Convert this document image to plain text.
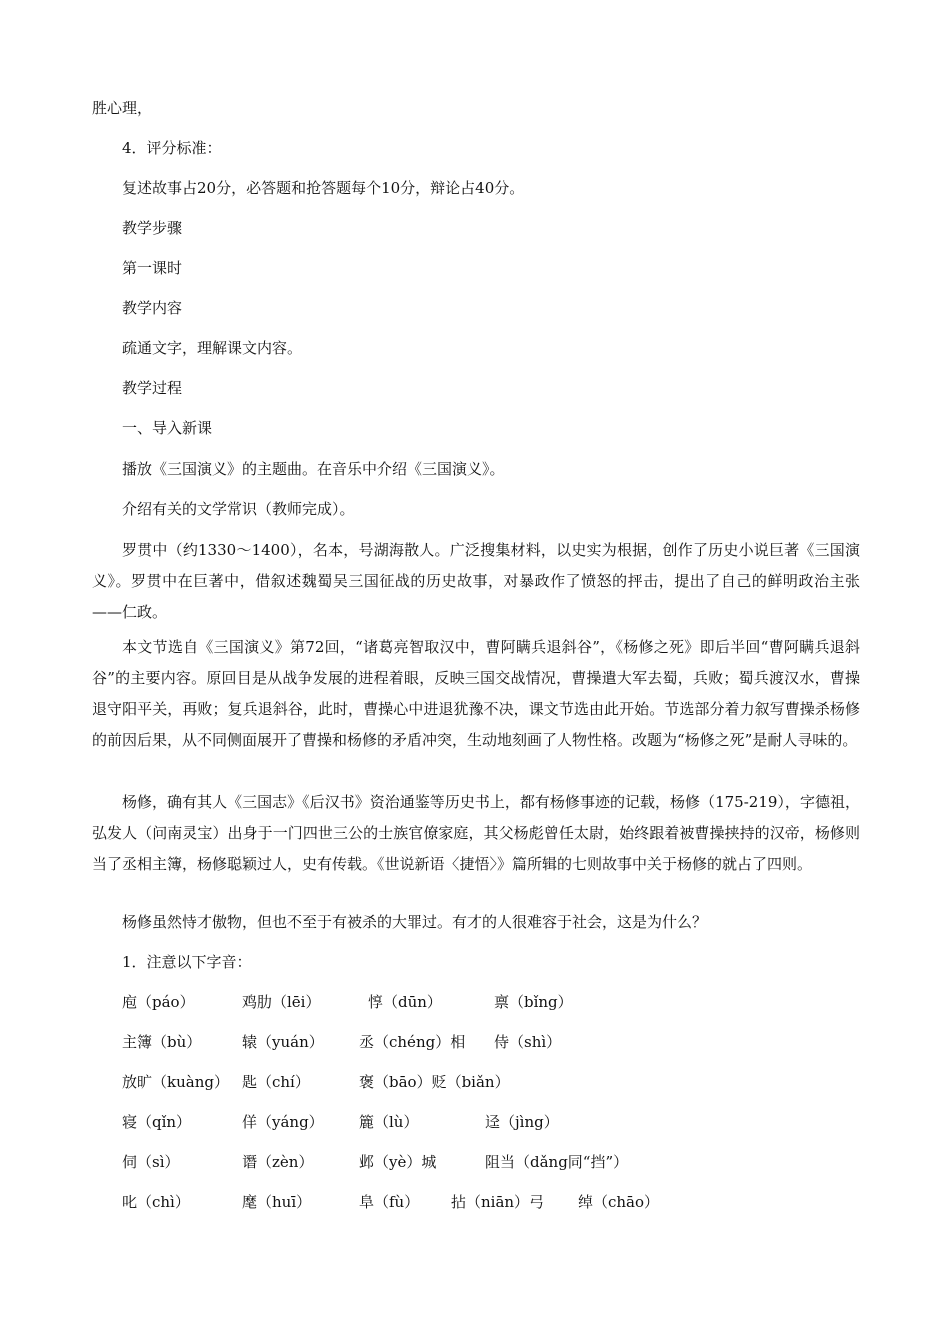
胜心理，
4．评分标准：
复述故事占20分，必答题和抢答题每个10分，辩论占40分。
教学步骤
第一课时
教学内容
疏通文字，理解课文内容。
教学过程
一、导入新课
播放《三国演义》的主题曲。在音乐中介绍《三国演义》。
介绍有关的文学常识（教师完成）。
罗贯中（约1330～1400），名本，号湖海散人。广泛搜集材料，以史实为根据，创作了历史小说巨著《三国演义》。罗贯中在巨著中，借叙述魏蜀吴三国征战的历史故事，对暴政作了愤怒的抨击，提出了自己的鲜明政治主张——仁政。
本文节选自《三国演义》第72回，“诸葛亮智取汉中，曹阿瞒兵退斜谷”，《杨修之死》即后半回“曹阿瞒兵退斜谷”的主要内容。原回目是从战争发展的进程着眼，反映三国交战情况，曹操遣大军去蜀，兵败；蜀兵渡汉水，曹操退守阳平关，再败；复兵退斜谷，此时，曹操心中进退犹豫不决，课文节选由此开始。节选部分着力叙写曹操杀杨修的前因后果，从不同侧面展开了曹操和杨修的矛盾冲突，生动地刻画了人物性格。改题为“杨修之死”是耐人寻味的。
杨修，确有其人《三国志》《后汉书》资治通鉴等历史书上，都有杨修事迹的记载，杨修（175-219），字德祖，弘发人（问南灵宝）出身于一门四世三公的士族官僚家庭，其父杨彪曾任太尉，始终跟着被曹操挟持的汉帝，杨修则当了丞相主簿，杨修聪颖过人，史有传载。《世说新语〈捷悟〉》篇所辑的七则故事中关于杨修的就占了四则。
杨修虽然恃才傲物，但也不至于有被杀的大罪过。有才的人很难容于社会，这是为什么？
1．注意以下字音：
庖（páo）	鸡肋（lēi）	惇（dūn）	禀（bǐng）
主簿（bù）	辕（yuán） 丞（chéng）相 侍（shì）
放旷（kuàng） 匙（chí）	褒（bāo）贬（biǎn）
寝（qǐn）	佯（yáng） 簏（lù）	迳（jìng）
伺（sì）	谮（zèn）	邺（yè）城	阻当（dǎng同“挡”）
叱（chì）	麾（huī）	阜（fù） 拈（niān）弓 绰（chāo）
